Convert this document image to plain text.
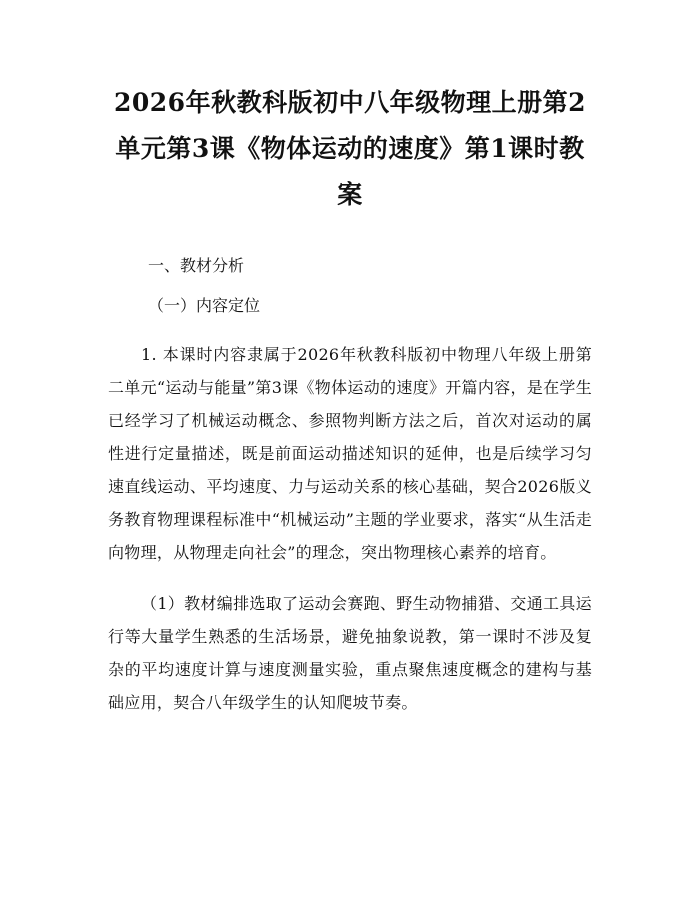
2026年秋教科版初中八年级物理上册第2单元第3课《物体运动的速度》第1课时教案

一、教材分析

（一）内容定位

1. 本课时内容隶属于2026年秋教科版初中物理八年级上册第二单元“运动与能量”第3课《物体运动的速度》开篇内容，是在学生已经学习了机械运动概念、参照物判断方法之后，首次对运动的属性进行定量描述，既是前面运动描述知识的延伸，也是后续学习匀速直线运动、平均速度、力与运动关系的核心基础，契合2026版义务教育物理课程标准中“机械运动”主题的学业要求，落实“从生活走向物理，从物理走向社会”的理念，突出物理核心素养的培育。

（1）教材编排选取了运动会赛跑、野生动物捕猎、交通工具运行等大量学生熟悉的生活场景，避免抽象说教，第一课时不涉及复杂的平均速度计算与速度测量实验，重点聚焦速度概念的建构与基础应用，契合八年级学生的认知爬坡节奏。
